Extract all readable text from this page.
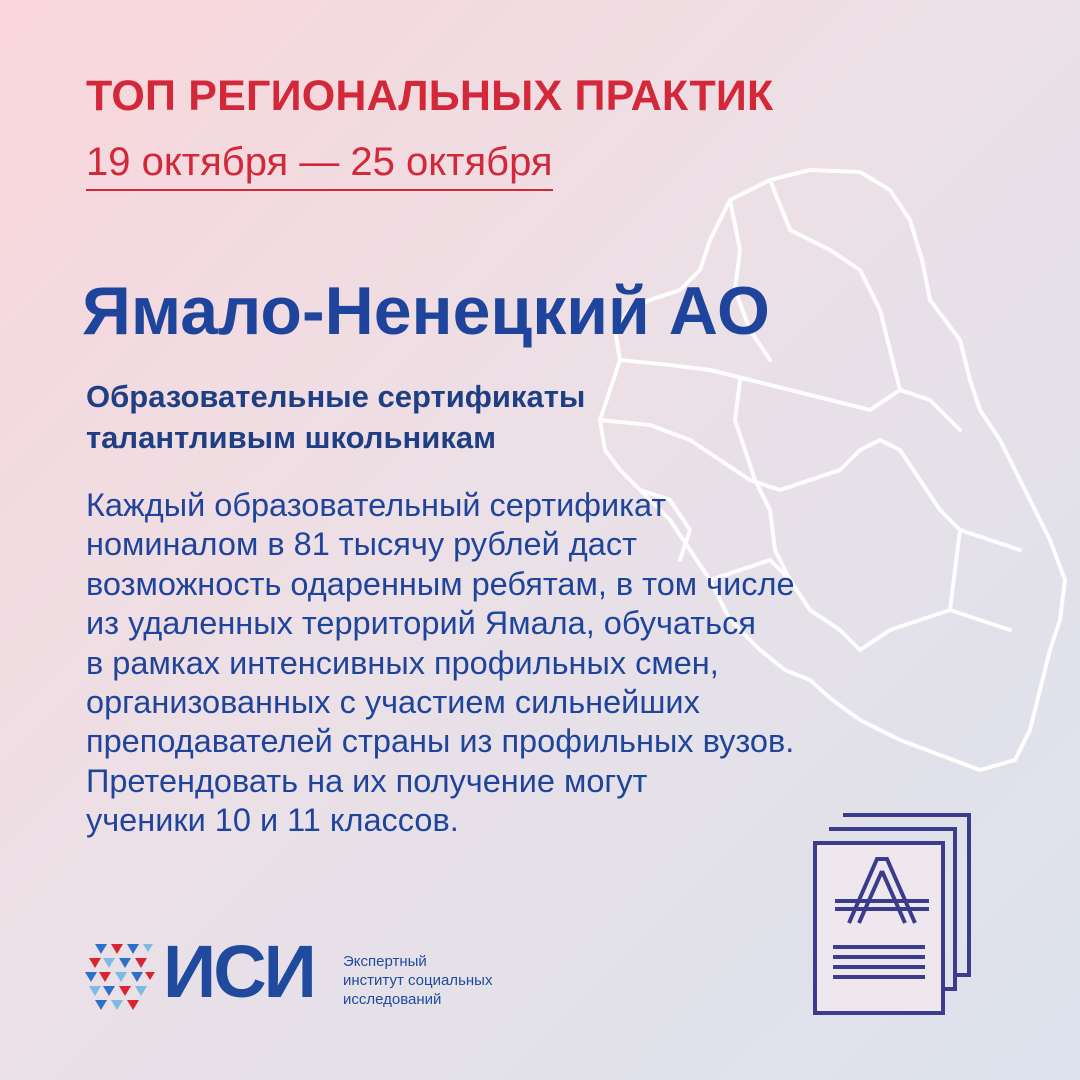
ТОП РЕГИОНАЛЬНЫХ ПРАКТИК

19 октября — 25 октября

Ямало-Ненецкий АО

Образовательные сертификаты
талантливым школьникам

Каждый образовательный сертификат
номиналом в 81 тысячу рублей даст
возможность одаренным ребятам, в том числе
из удаленных территорий Ямала, обучаться
в рамках интенсивных профильных смен,
организованных с участием сильнейших
преподавателей страны из профильных вузов.
Претендовать на их получение могут
ученики 10 и 11 классов.

ИСИ Экспертный
институт социальных
исследований
